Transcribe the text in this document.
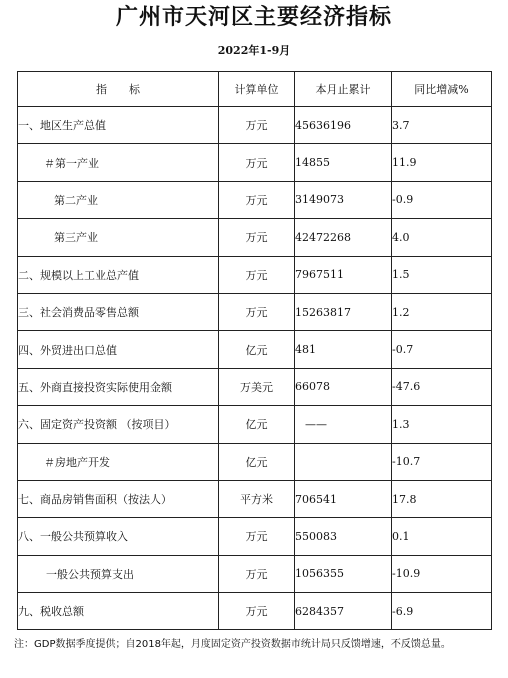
广州市天河区主要经济指标
2022年1-9月
指　　标	计算单位	本月止累计	同比增减%
一、地区生产总值	万元	45636196	3.7
＃第一产业	万元	14855	11.9
第二产业	万元	3149073	-0.9
第三产业	万元	42472268	4.0
二、规模以上工业总产值	万元	7967511	1.5
三、社会消费品零售总额	万元	15263817	1.2
四、外贸进出口总值	亿元	481	-0.7
五、外商直接投资实际使用金额	万美元	66078	-47.6
六、固定资产投资额 （按项目）	亿元	——	1.3
＃房地产开发	亿元		-10.7
七、商品房销售面积（按法人）	平方米	706541	17.8
八、一般公共预算收入	万元	550083	0.1
一般公共预算支出	万元	1056355	-10.9
九、税收总额	万元	6284357	-6.9
注：GDP数据季度提供；自2018年起，月度固定资产投资数据市统计局只反馈增速，不反馈总量。
